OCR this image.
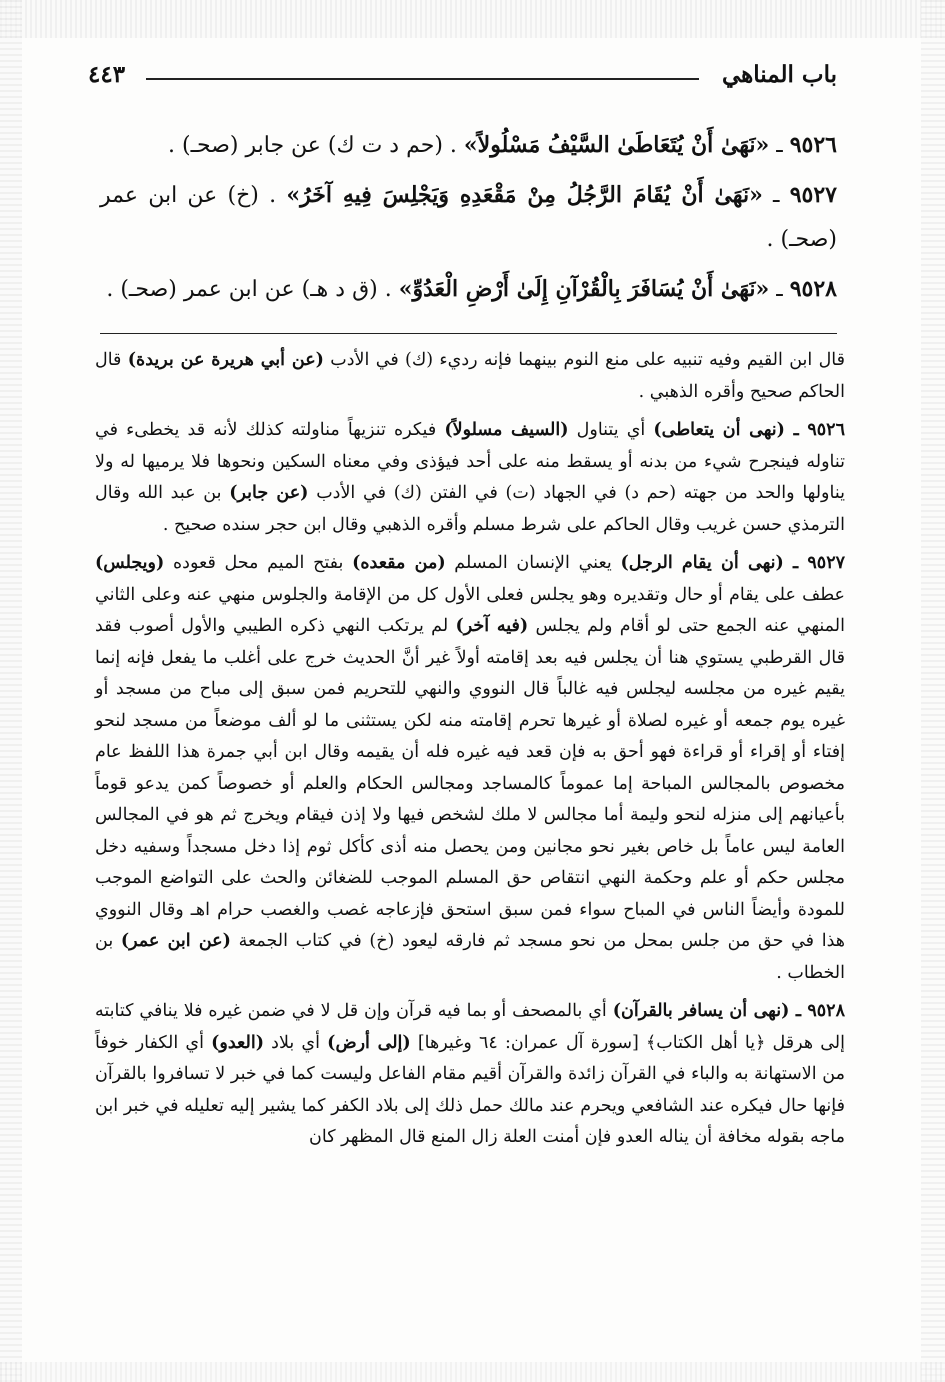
باب المناهي
٤٤٣

٩٥٢٦ ـ «نَهَىٰ أَنْ يُتَعَاطَىٰ السَّيْفُ مَسْلُولاً» . (حم د ت ك) عن جابر (صحـ) .

٩٥٢٧ ـ «نَهَىٰ أَنْ يُقَامَ الرَّجُلُ مِنْ مَقْعَدِهِ وَيَجْلِسَ فِيهِ آخَرُ» . (خ) عن ابن عمر (صحـ) .

٩٥٢٨ ـ «نَهَىٰ أَنْ يُسَافَرَ بِالْقُرْآنِ إِلَىٰ أَرْضِ الْعَدُوِّ» . (ق د هـ) عن ابن عمر (صحـ) .

قال ابن القيم وفيه تنبيه على منع النوم بينهما فإنه رديء (ك) في الأدب (عن أبي هريرة عن بريدة) قال الحاكم صحيح وأقره الذهبي .

٩٥٢٦ ـ (نهى أن يتعاطى) أي يتناول (السيف مسلولاً) فيكره تنزيهاً مناولته كذلك لأنه قد يخطىء في تناوله فينجرح شيء من بدنه أو يسقط منه على أحد فيؤذى وفي معناه السكين ونحوها فلا يرميها له ولا يناولها والحد من جهته (حم د) في الجهاد (ت) في الفتن (ك) في الأدب (عن جابر) بن عبد الله وقال الترمذي حسن غريب وقال الحاكم على شرط مسلم وأقره الذهبي وقال ابن حجر سنده صحيح .

٩٥٢٧ ـ (نهى أن يقام الرجل) يعني الإنسان المسلم (من مقعده) بفتح الميم محل قعوده (ويجلس) عطف على يقام أو حال وتقديره وهو يجلس فعلى الأول كل من الإقامة والجلوس منهي عنه وعلى الثاني المنهي عنه الجمع حتى لو أقام ولم يجلس (فيه آخر) لم يرتكب النهي ذكره الطيبي والأول أصوب فقد قال القرطبي يستوي هنا أن يجلس فيه بعد إقامته أولاً غير أنَّ الحديث خرج على أغلب ما يفعل فإنه إنما يقيم غيره من مجلسه ليجلس فيه غالباً قال النووي والنهي للتحريم فمن سبق إلى مباح من مسجد أو غيره يوم جمعه أو غيره لصلاة أو غيرها تحرم إقامته منه لكن يستثنى ما لو ألف موضعاً من مسجد لنحو إفتاء أو إقراء أو قراءة فهو أحق به فإن قعد فيه غيره فله أن يقيمه وقال ابن أبي جمرة هذا اللفظ عام مخصوص بالمجالس المباحة إما عموماً كالمساجد ومجالس الحكام والعلم أو خصوصاً كمن يدعو قوماً بأعيانهم إلى منزله لنحو وليمة أما مجالس لا ملك لشخص فيها ولا إذن فيقام ويخرج ثم هو في المجالس العامة ليس عاماً بل خاص بغير نحو مجانين ومن يحصل منه أذى كأكل ثوم إذا دخل مسجداً وسفيه دخل مجلس حكم أو علم وحكمة النهي انتقاص حق المسلم الموجب للضغائن والحث على التواضع الموجب للمودة وأيضاً الناس في المباح سواء فمن سبق استحق فإزعاجه غصب والغصب حرام اهـ وقال النووي هذا في حق من جلس بمحل من نحو مسجد ثم فارقه ليعود (خ) في كتاب الجمعة (عن ابن عمر) بن الخطاب .

٩٥٢٨ ـ (نهى أن يسافر بالقرآن) أي بالمصحف أو بما فيه قرآن وإن قل لا في ضمن غيره فلا ينافي كتابته إلى هرقل ﴿يا أهل الكتاب﴾ [سورة آل عمران: ٦٤ وغيرها] (إلى أرض) أي بلاد (العدو) أي الكفار خوفاً من الاستهانة به والباء في القرآن زائدة والقرآن أقيم مقام الفاعل وليست كما في خبر لا تسافروا بالقرآن فإنها حال فيكره عند الشافعي ويحرم عند مالك حمل ذلك إلى بلاد الكفر كما يشير إليه تعليله في خبر ابن ماجه بقوله مخافة أن يناله العدو فإن أمنت العلة زال المنع قال المظهر كان
